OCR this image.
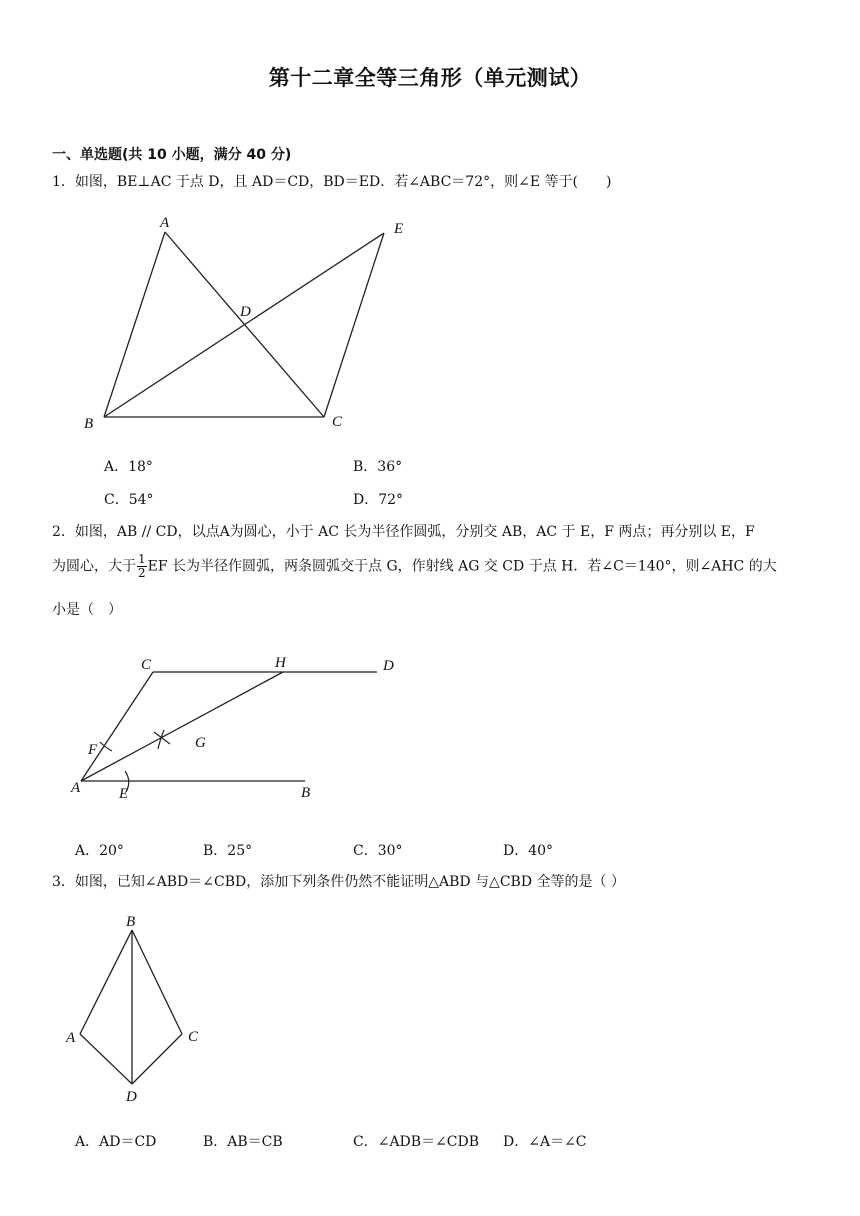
第十二章全等三角形（单元测试）
一、单选题(共 10 小题，满分 40 分)
1．如图，BE⊥AC 于点 D，且 AD＝CD，BD＝ED．若∠ABC＝72°，则∠E 等于(　　)
A	E
D
B	C
A．18°	B．36°
C．54°	D．72°
2．如图，AB // CD，以点A为圆心，小于 AC 长为半径作圆弧，分别交 AB，AC 于 E，F 两点；再分别以 E，F
为圆心，大于 $\frac{1}{2}$ EF 长为半径作圆弧，两条圆弧交于点 G，作射线 AG 交 CD 于点 H．若∠C＝140°，则∠AHC 的大
小是（　）
C	H	D
F	G
A	E	B
A．20°	B．25°	C．30°	D．40°
3．如图，已知∠ABD＝∠CBD，添加下列条件仍然不能证明△ABD 与△CBD 全等的是（ ）
B
A	C
D
A．AD＝CD	B．AB＝CB	C．∠ADB＝∠CDB D．∠A＝∠C
